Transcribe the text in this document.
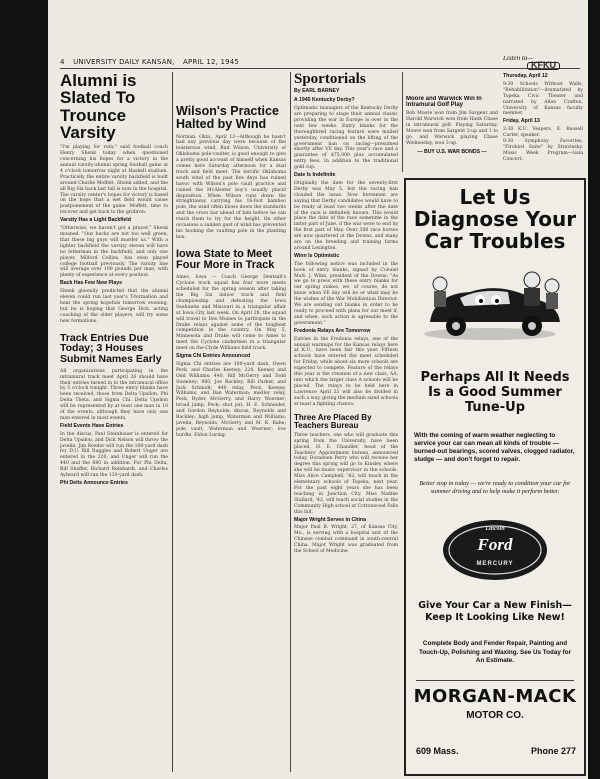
4 UNIVERSITY DAILY KANSAN, APRIL 12, 1945
Alumni is Slated To Trounce Varsity
"I'm playing for ruin," said football coach Henry Shenk today when questioned concerning his hopes for a victory in the annual varsity-alumni spring football game at 4 o'clock tomorrow night at Haskell stadium. Practically the entire varsity backfield is built around Charlie Moffett, Shenk added, and the all Big Six back last fall is now in the hospital. The varsity center's hopes for victory is based on the hope that a wet field would cause postponement of the game. Moffett, time to recover and get back to the gridiron.
Varsity Has a Light Backfield
"Otherwise, we haven't got a prayer," Shenk moaned. "Our backs are not too well green, that these big guys will murder us." With a lighter backfield the varsity eleven will have no letterman in the backfield, and only one player, Milford Collins, has even played college football previously. The varsity line will average over 190 pounds per man, with plenty of experience at every position.
Back Has Few New Plays
Shenk gloomily predicted that the alumni eleven could run last year's T-formation and beat the spring hopefuls tomorrow evening, but he is hoping that George Dick, acting coaching of the older players, will try some new formations.
Track Entries Due Today; 3 Houses Submit Names Early
All organizations participating in the intramural track meet April 26 should have their entries turned in to the intramural office by 5 o'clock tonight. Three entry blanks have been received, those from Delta Upsilon, Phi Delta Theta, and Sigma Chi. Delta Upsilon will be represented by at least one man in 10 of the events, although they have only one man entered in most events.
Field Events Have Entries
In the discus, Paul Steinbauer is entered for Delta Upsilon, and Dick Nelson will throw the javelin. Jim Reeder will run the 100-yard dash for D.U. Bill Ruggles and Robert Unger are entered in the 220, and Unger will run the 440 and the 880 in addition. For Phi Delta, Bill Shaffer, Richard Reinhardt, and Charles Aylward will run the 120-yard dash.
Phi Delts Announce Entries
Wilson's Practice Halted by Wind
Norman, Okla., April 12—Although he hasn't had any previous day were because of the boisterous wind, Bud Wilson, University of Oklahoma pole-vaulter, is good enough to give a pretty good account of himself when Kansas comes here Saturday afternoon for a dual track and field meet. The terrific Oklahoma south wind of the past five days has ruined havoc with Wilson's pole vault practice and ruined the McAlester boy's usually placid disposition. When Wilson runs down the straightaway carrying his 16-foot bamboo pole, the wind often blows down the standards and the cross bar ahead of him before he can reach them to try for the height. On other occasions a sudden gust of wind has prevented his hooking the vaulting pole in the planting box.
Iowa State to Meet Four More in Track
Ames, Iowa — Coach George Dentsall's Cyclone track squad has four more meets scheduled for the spring season after taking the Big Six indoor track and field championship and defeating the Iowa Seahawks and Missouri in a triangular affair at Iowa City last week. On April 28, the squad will travel to Des Moines to participate in the Drake relays against some of the toughest competition in the country. On May 5, Minnesota and Drake will come to Ames to meet the Cyclone cindermen in a triangular meet on the Clyde Williams field track.
Sigma Chi Entries Announced
Sigma Chi entries are 100-yard dash, Owen Peck, and Charles Keeney; 220, Keeney and Odd Williams; 440, Bill McGerry and Todd Sweeney; 880, Joe Backley, Bill Parker, and Jack Schmidt; 440 relay, Peck, Keeney, Williams, and Dan Waterman; medley relay, Peck, Ryder, McGerry, and Harry Woerner; broad jump, Peck; shot put, H. E. Schneider, and Gordon Reynolds; discus, Reynolds and Backley; high jump, Waterman and Williams; javelin, Reynolds, McGerry and M. K. Rahe; pole vault, Waterman and Woerner; low hurdle, Eldon Luring.
Sportorials
By EARL BARNEY
A 1945 Kentucky Derby?
Optimistic managers of the Kentucky Derby are preparing to stage their annual classic providing the war in Europe is over in the next few weeks. Entry blanks for the thoroughbred racing feature were mailed yesterday, conditioned on the lifting of the government ban on racing—presumed shortly after VE day. This year's race and a guarantee of $75,000 plus accumulated entry fees. In addition to the traditional gold cup.
Date Is Indefinite
Originally the date for the seventy-first Derby was May 5, but the racing ban clouded the issue. Now horsemen are saying that Derby candidates would have to be ready at least two weeks after the date of the race is definitely known. This would place the date of the race sometime in the latter part of June, if the war were to end by the first part of May. Over 300 race horses are now quartered at the Downs, and many are on the breeding and training farms around Lexington.
Winn Is Optimistic
The following notice was included in the book of entry blanks, signed by Colonel Matt. J. Winn, president of the Downs: "As we go to press with these entry blanks for our spring stakes, we, of course, do not know when VE day will be or what may be the wishes of the War Mobilization Director. We are sending out blanks in order to be ready to proceed with plans for our meet if, and when, such action is agreeable to the government."
Fredonia Relays Are Tomorrow
Entries in the Fredonia relays, one of the annual warmups for the Kansas relays here at K.U., have been fair this year. Fifteen schools have entered the meet scheduled for Friday, while about six more schools are expected to compete. Feature of the relays this year is the creation of a new class, AA, into which the larger class A schools will be placed. The relays to be held here in Lawrence April 21 will also be divided in such a way, giving the medium sized schools at least a fighting chance.
Three Are Placed By Teachers Bureau
Three teachers, one who will graduate this spring from the University, have been placed, H. E. Chandler, head of the Teachers' Appointment bureau, announced today. Doradeen Perry who will receive her degree this spring will go to Kinsley where she will be music supervisor in the schools. Miss Alice Campbell, '42, will teach in the elementary schools of Topeka, next year. For the past eight years she has been teaching in Junction City. Miss Nadine Stallard, '42, will teach social studies in the Community High school at Cottonwood Falls this fall.
Major Wright Serves in China
Major Paul B. Wright, 27, of Kansas City, Mo., is serving with a hospital unit of the Chinese combat command in south-central China. Major Wright was graduated from the School of Medicine.
Moore and Warwick Win In Intramural Golf Play
Bob Moore won from Jim Sargent and Harold Warwick won from Hank Chase in intramural golf. Playing Saturday, Moore won from Sargent 2-up and 1 to go, and Warwick playing Chase Wednesday, won 3-up.
— BUY U.S. WAR BONDS —
Listen to—
KFKU
Thursday, April 12
9:30 Schools Without Walls, "Rehabilitation"—dramatized by Topeka Civic Theater and narrated by Allen Crafton, University of Kansas faculty member.
Friday, April 13
2:30 K.U. Vespers, E. Russell Carter, speaker.
9:30 Symphony Favorites, "Firebird Suite" by Stravinsky. Music Week Program—Gala Concert.
Let Us Diagnose Your Car Troubles
Perhaps All It Needs Is a Good Summer Tune-Up
With the coming of warm weather neglecting to service your car can mean all kinds of trouble — burned-out bearings, scored valves, clogged radiator, sludge — and don't forget to repair.
Better stop in today — we're ready to condition your car for summer driving and to help make it perform better.
Lincoln
Ford
MERCURY
Give Your Car a New Finish— Keep It Looking Like New!
Complete Body and Fender Repair, Painting and Touch-Up, Polishing and Waxing. See Us Today for An Estimate.
MORGAN-MACK
MOTOR CO.
609 Mass.	Phone 277
